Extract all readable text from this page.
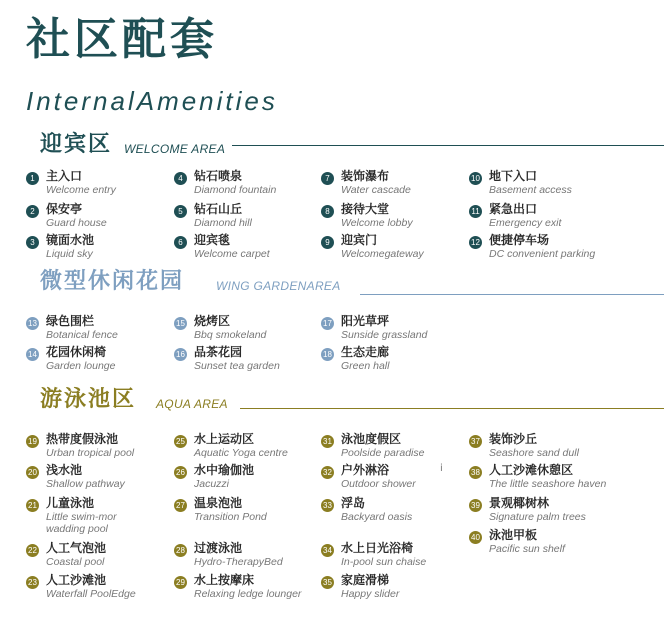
社区配套
InternalAmenities
迎宾区 WELCOME AREA
1 主入口
Welcome entry
2 保安亭
Guard house
3 镜面水池
Liquid sky
4 钻石喷泉
Diamond fountain
5 钻石山丘
Diamond hill
6 迎宾毯
Welcome carpet
7 装饰瀑布
Water cascade
8 接待大堂
Welcome lobby
9 迎宾门
Welcomegateway
10 地下入口
Basement access
11 紧急出口
Emergency exit
12 便捷停车场
DC convenient parking
微型休闲花园	WING GARDENAREA
13 绿色围栏
Botanical fence
14 花园休闲椅
Garden lounge
15 烧烤区
Bbq smokeland
16 品茶花园
Sunset tea garden
17 阳光草坪
Sunside grassland
18 生态走廊
Green hall
游泳池区 AQUA AREA
19 热带度假泳池
Urban tropical pool
20 浅水池
Shallow pathway
21 儿童泳池
Little swim-mor wadding pool
22 人工气泡池
Coastal pool
23 人工沙滩池
Waterfall PoolEdge
25 水上运动区
Aquatic Yoga centre
26 水中瑜伽池
Jacuzzi
27 温泉泡池
Transition Pond
28 过渡泳池
Hydro-TherapyBed
29 水上按摩床
Relaxing ledge lounger
31 泳池度假区
Poolside paradise
32 户外淋浴
Outdoor shower
33 浮岛
Backyard oasis
34 水上日光浴椅
In-pool sun chaise
35 家庭滑梯
Happy slider
37 装饰沙丘
Seashore sand dull
38 人工沙滩休憩区
The little seashore haven
39 景观椰树林
Signature palm trees
40 泳池甲板
Pacific sun shelf
i
